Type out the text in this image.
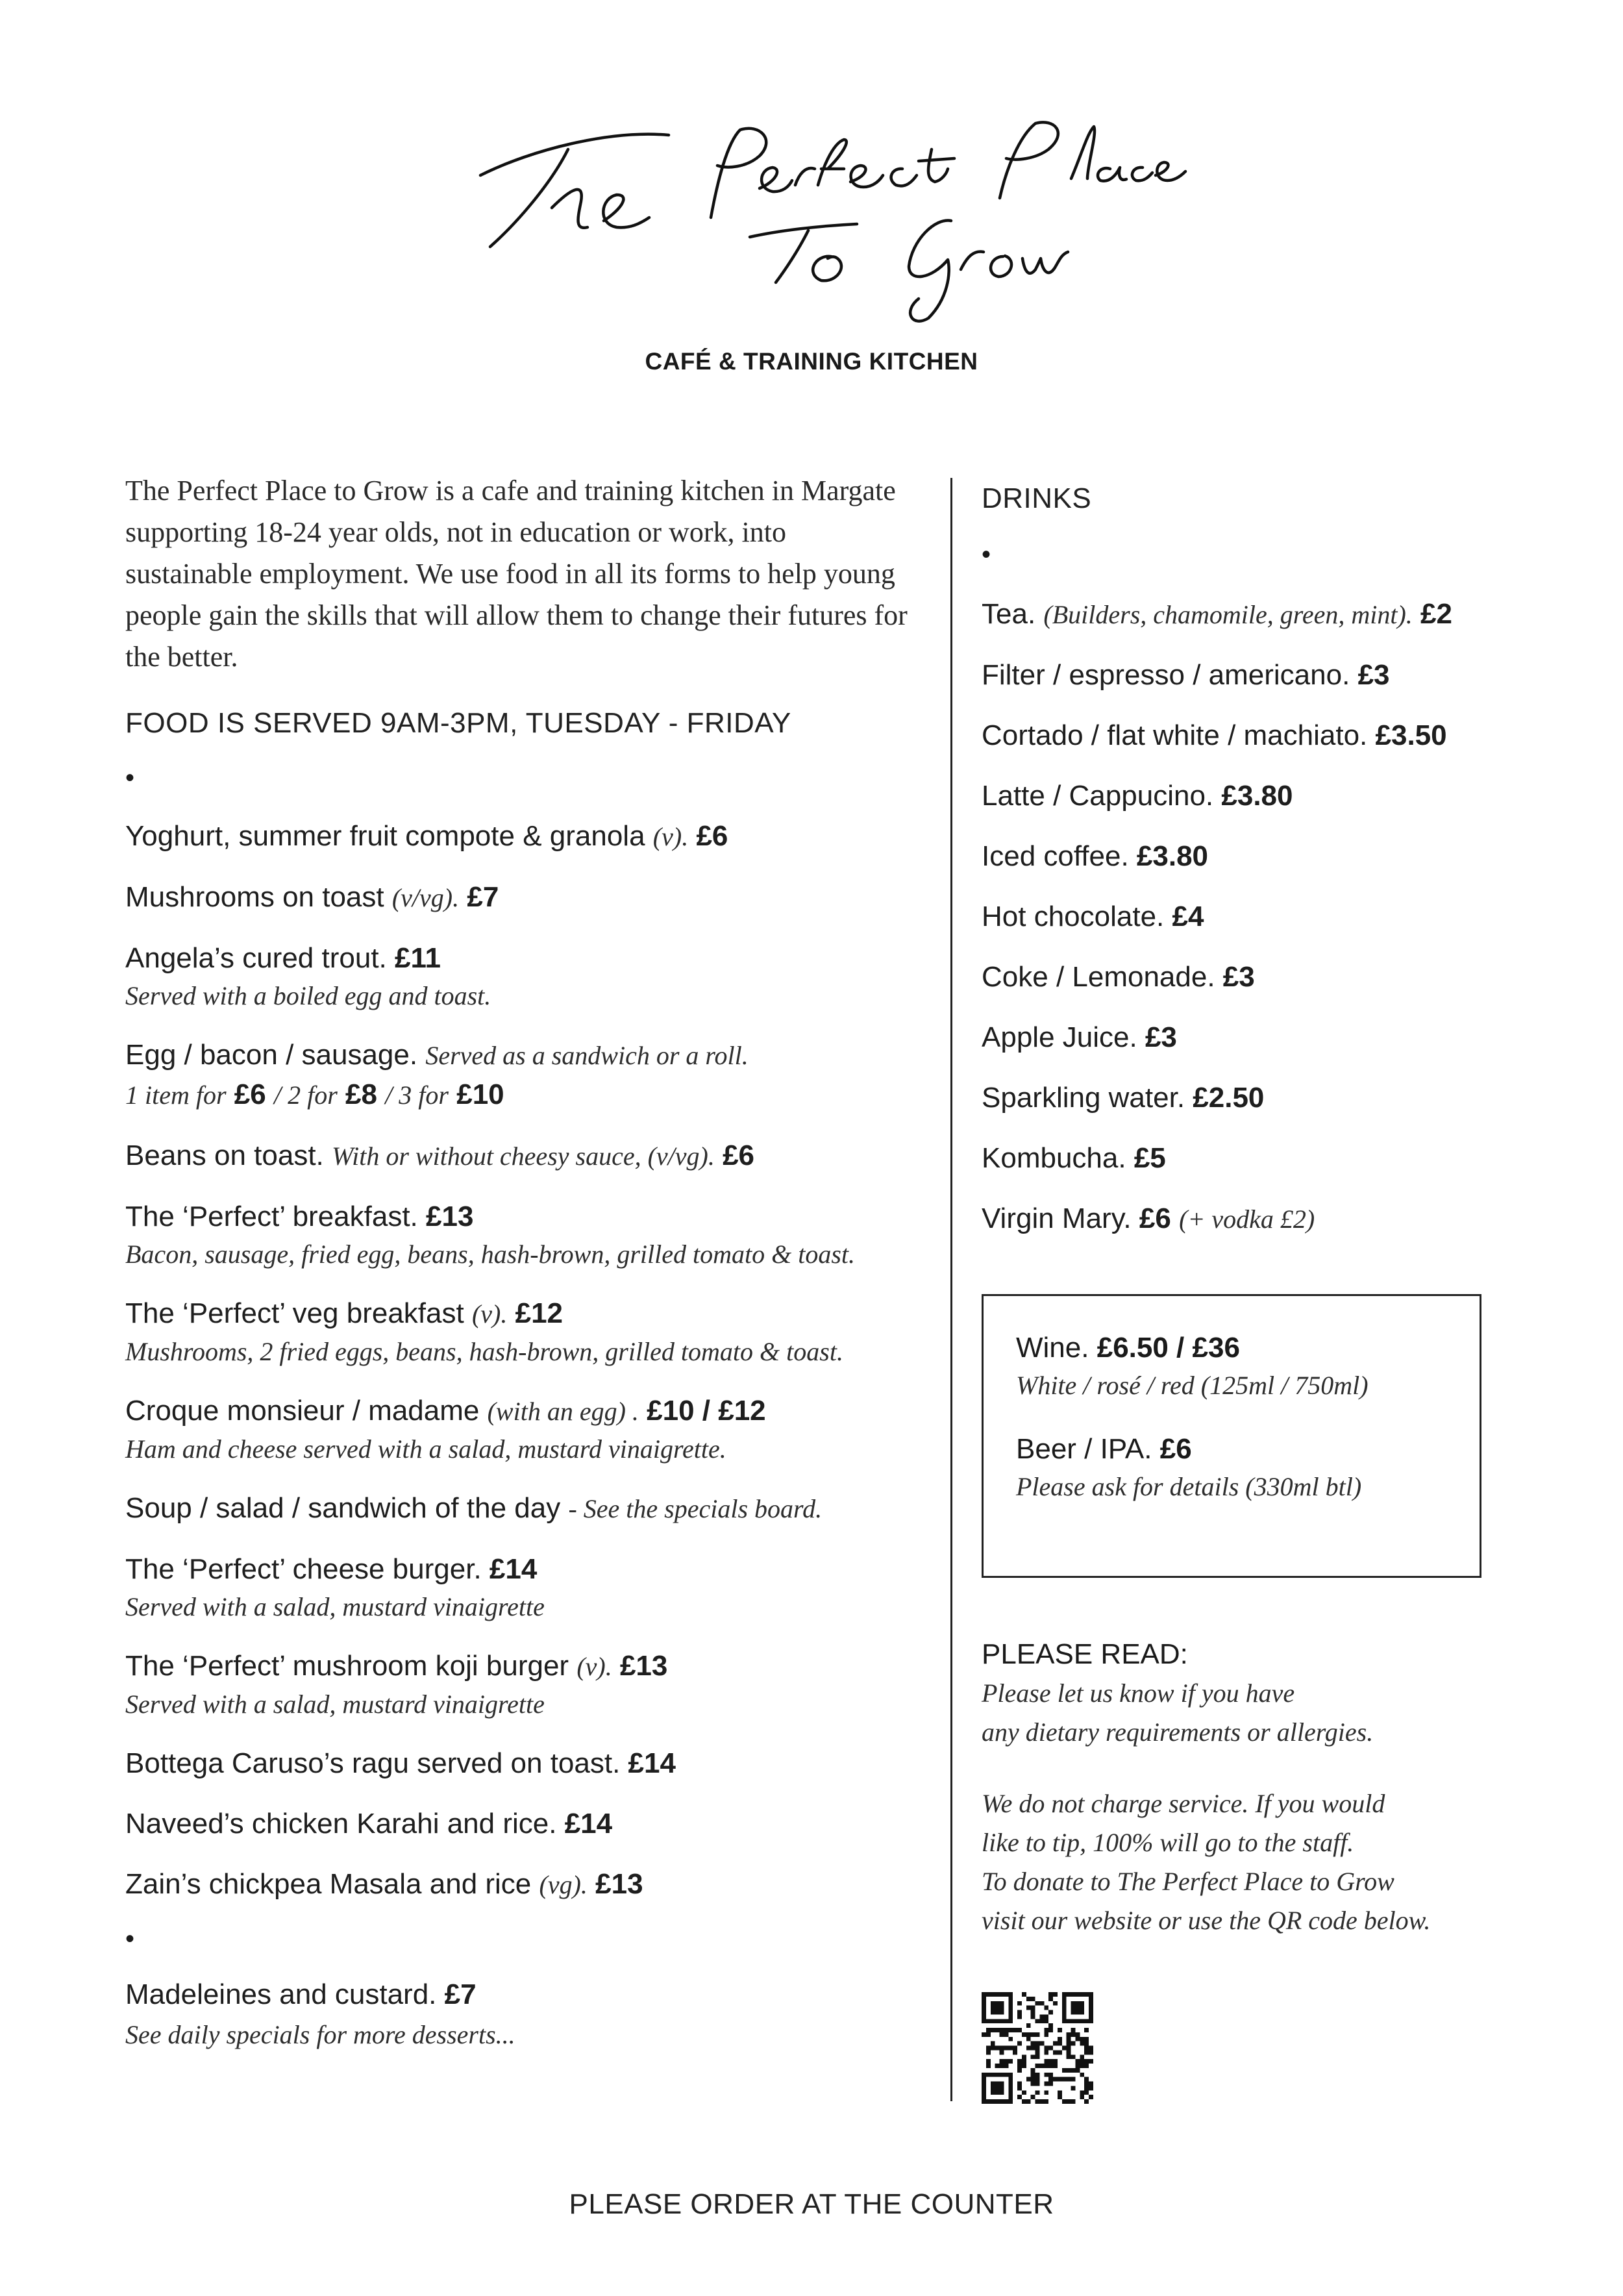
CAFÉ & TRAINING KITCHEN

The Perfect Place to Grow is a cafe and training kitchen in Margate supporting 18-24 year olds, not in education or work, into sustainable employment. We use food in all its forms to help young people gain the skills that will allow them to change their futures for the better.

FOOD IS SERVED 9AM-3PM, TUESDAY - FRIDAY

•

Yoghurt, summer fruit compote & granola (v). £6
Mushrooms on toast (v/vg). £7
Angela’s cured trout. £11
Served with a boiled egg and toast.
Egg / bacon / sausage. Served as a sandwich or a roll.
1 item for £6 / 2 for £8 / 3 for £10
Beans on toast. With or without cheesy sauce, (v/vg). £6
The ‘Perfect’ breakfast. £13
Bacon, sausage, fried egg, beans, hash-brown, grilled tomato & toast.
The ‘Perfect’ veg breakfast (v). £12
Mushrooms, 2 fried eggs, beans, hash-brown, grilled tomato & toast.
Croque monsieur / madame (with an egg) . £10 / £12
Ham and cheese served with a salad, mustard vinaigrette.
Soup / salad / sandwich of the day - See the specials board.
The ‘Perfect’ cheese burger. £14
Served with a salad, mustard vinaigrette
The ‘Perfect’ mushroom koji burger (v). £13
Served with a salad, mustard vinaigrette
Bottega Caruso’s ragu served on toast. £14
Naveed’s chicken Karahi and rice. £14
Zain’s chickpea Masala and rice (vg). £13

•

Madeleines and custard. £7
See daily specials for more desserts...

DRINKS

•

Tea. (Builders, chamomile, green, mint). £2

Filter / espresso / americano. £3

Cortado / flat white / machiato. £3.50

Latte / Cappucino. £3.80

Iced coffee. £3.80

Hot chocolate. £4

Coke / Lemonade. £3

Apple Juice. £3

Sparkling water. £2.50

Kombucha. £5

Virgin Mary. £6 (+ vodka £2)

Wine. £6.50 / £36
White / rosé / red (125ml / 750ml)
Beer / IPA. £6
Please ask for details (330ml btl)

PLEASE READ:

Please let us know if you have

any dietary requirements or allergies.

We do not charge service. If you would

like to tip, 100% will go to the staff.

To donate to The Perfect Place to Grow

visit our website or use the QR code below.

PLEASE ORDER AT THE COUNTER
